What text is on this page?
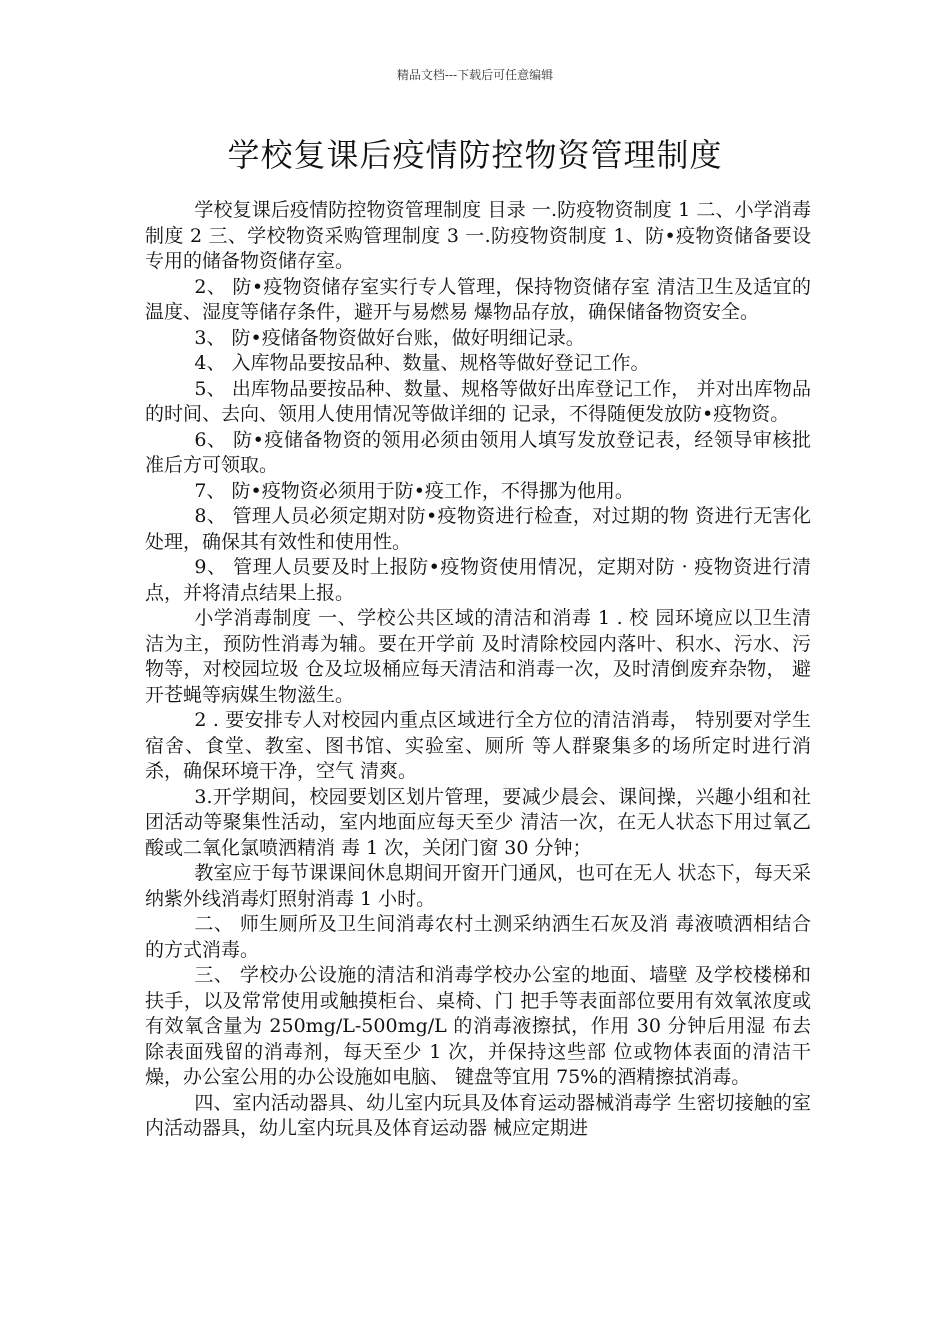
精品文档---下载后可任意编辑
学校复课后疫情防控物资管理制度

学校复课后疫情防控物资管理制度 目录 一.防疫物资制度 1 二、小学消毒制度 2 三、学校物资采购管理制度 3 一.防疫物资制度 1、防•疫物资储备要设 专用的储备物资储存室。

2、 防•疫物资储存室实行专人管理，保持物资储存室 清洁卫生及适宜的温度、湿度等储存条件，避开与易燃易 爆物品存放，确保储备物资安全。

3、 防•疫储备物资做好台账，做好明细记录。

4、 入库物品要按品种、数量、规格等做好登记工作。

5、 出库物品要按品种、数量、规格等做好出库登记工作， 并对出库物品的时间、去向、领用人使用情况等做详细的 记录，不得随便发放防•疫物资。

6、 防•疫储备物资的领用必须由领用人填写发放登记表，经领导审核批准后方可领取。

7、 防•疫物资必须用于防•疫工作，不得挪为他用。

8、 管理人员必须定期对防•疫物资进行检查，对过期的物 资进行无害化处理，确保其有效性和使用性。

9、 管理人员要及时上报防•疫物资使用情况，定期对防 · 疫物资进行清点，并将清点结果上报。

小学消毒制度 一、学校公共区域的清洁和消毒 1 . 校 园环境应以卫生清洁为主，预防性消毒为辅。要在开学前 及时清除校园内落叶、积水、污水、污物等，对校园垃圾 仓及垃圾桶应每天清洁和消毒一次，及时清倒废弃杂物， 避开苍蝇等病媒生物滋生。

2 . 要安排专人对校园内重点区域进行全方位的清洁消毒， 特别要对学生宿舍、食堂、教室、图书馆、实验室、厕所 等人群聚集多的场所定时进行消杀，确保环境干净，空气 清爽。

3.开学期间，校园要划区划片管理，要减少晨会、课间操，兴趣小组和社团活动等聚集性活动，室内地面应每天至少 清洁一次，在无人状态下用过氧乙酸或二氧化氯喷洒精消 毒 1 次，关闭门窗 30 分钟；

教室应于每节课课间休息期间开窗开门通风，也可在无人 状态下，每天采纳紫外线消毒灯照射消毒 1 小时。

二、 师生厕所及卫生间消毒农村土测采纳洒生石灰及消 毒液喷洒相结合的方式消毒。

三、 学校办公设施的清洁和消毒学校办公室的地面、墙壁 及学校楼梯和扶手，以及常常使用或触摸柜台、桌椅、门 把手等表面部位要用有效氧浓度或有效氧含量为 250mg/L-500mg/L 的消毒液擦拭，作用 30 分钟后用湿 布去除表面残留的消毒剂，每天至少 1 次，并保持这些部 位或物体表面的清洁干燥，办公室公用的办公设施如电脑、 键盘等宜用 75%的酒精擦拭消毒。

四、室内活动器具、幼儿室内玩具及体育运动器械消毒学 生密切接触的室内活动器具，幼儿室内玩具及体育运动器 械应定期进
